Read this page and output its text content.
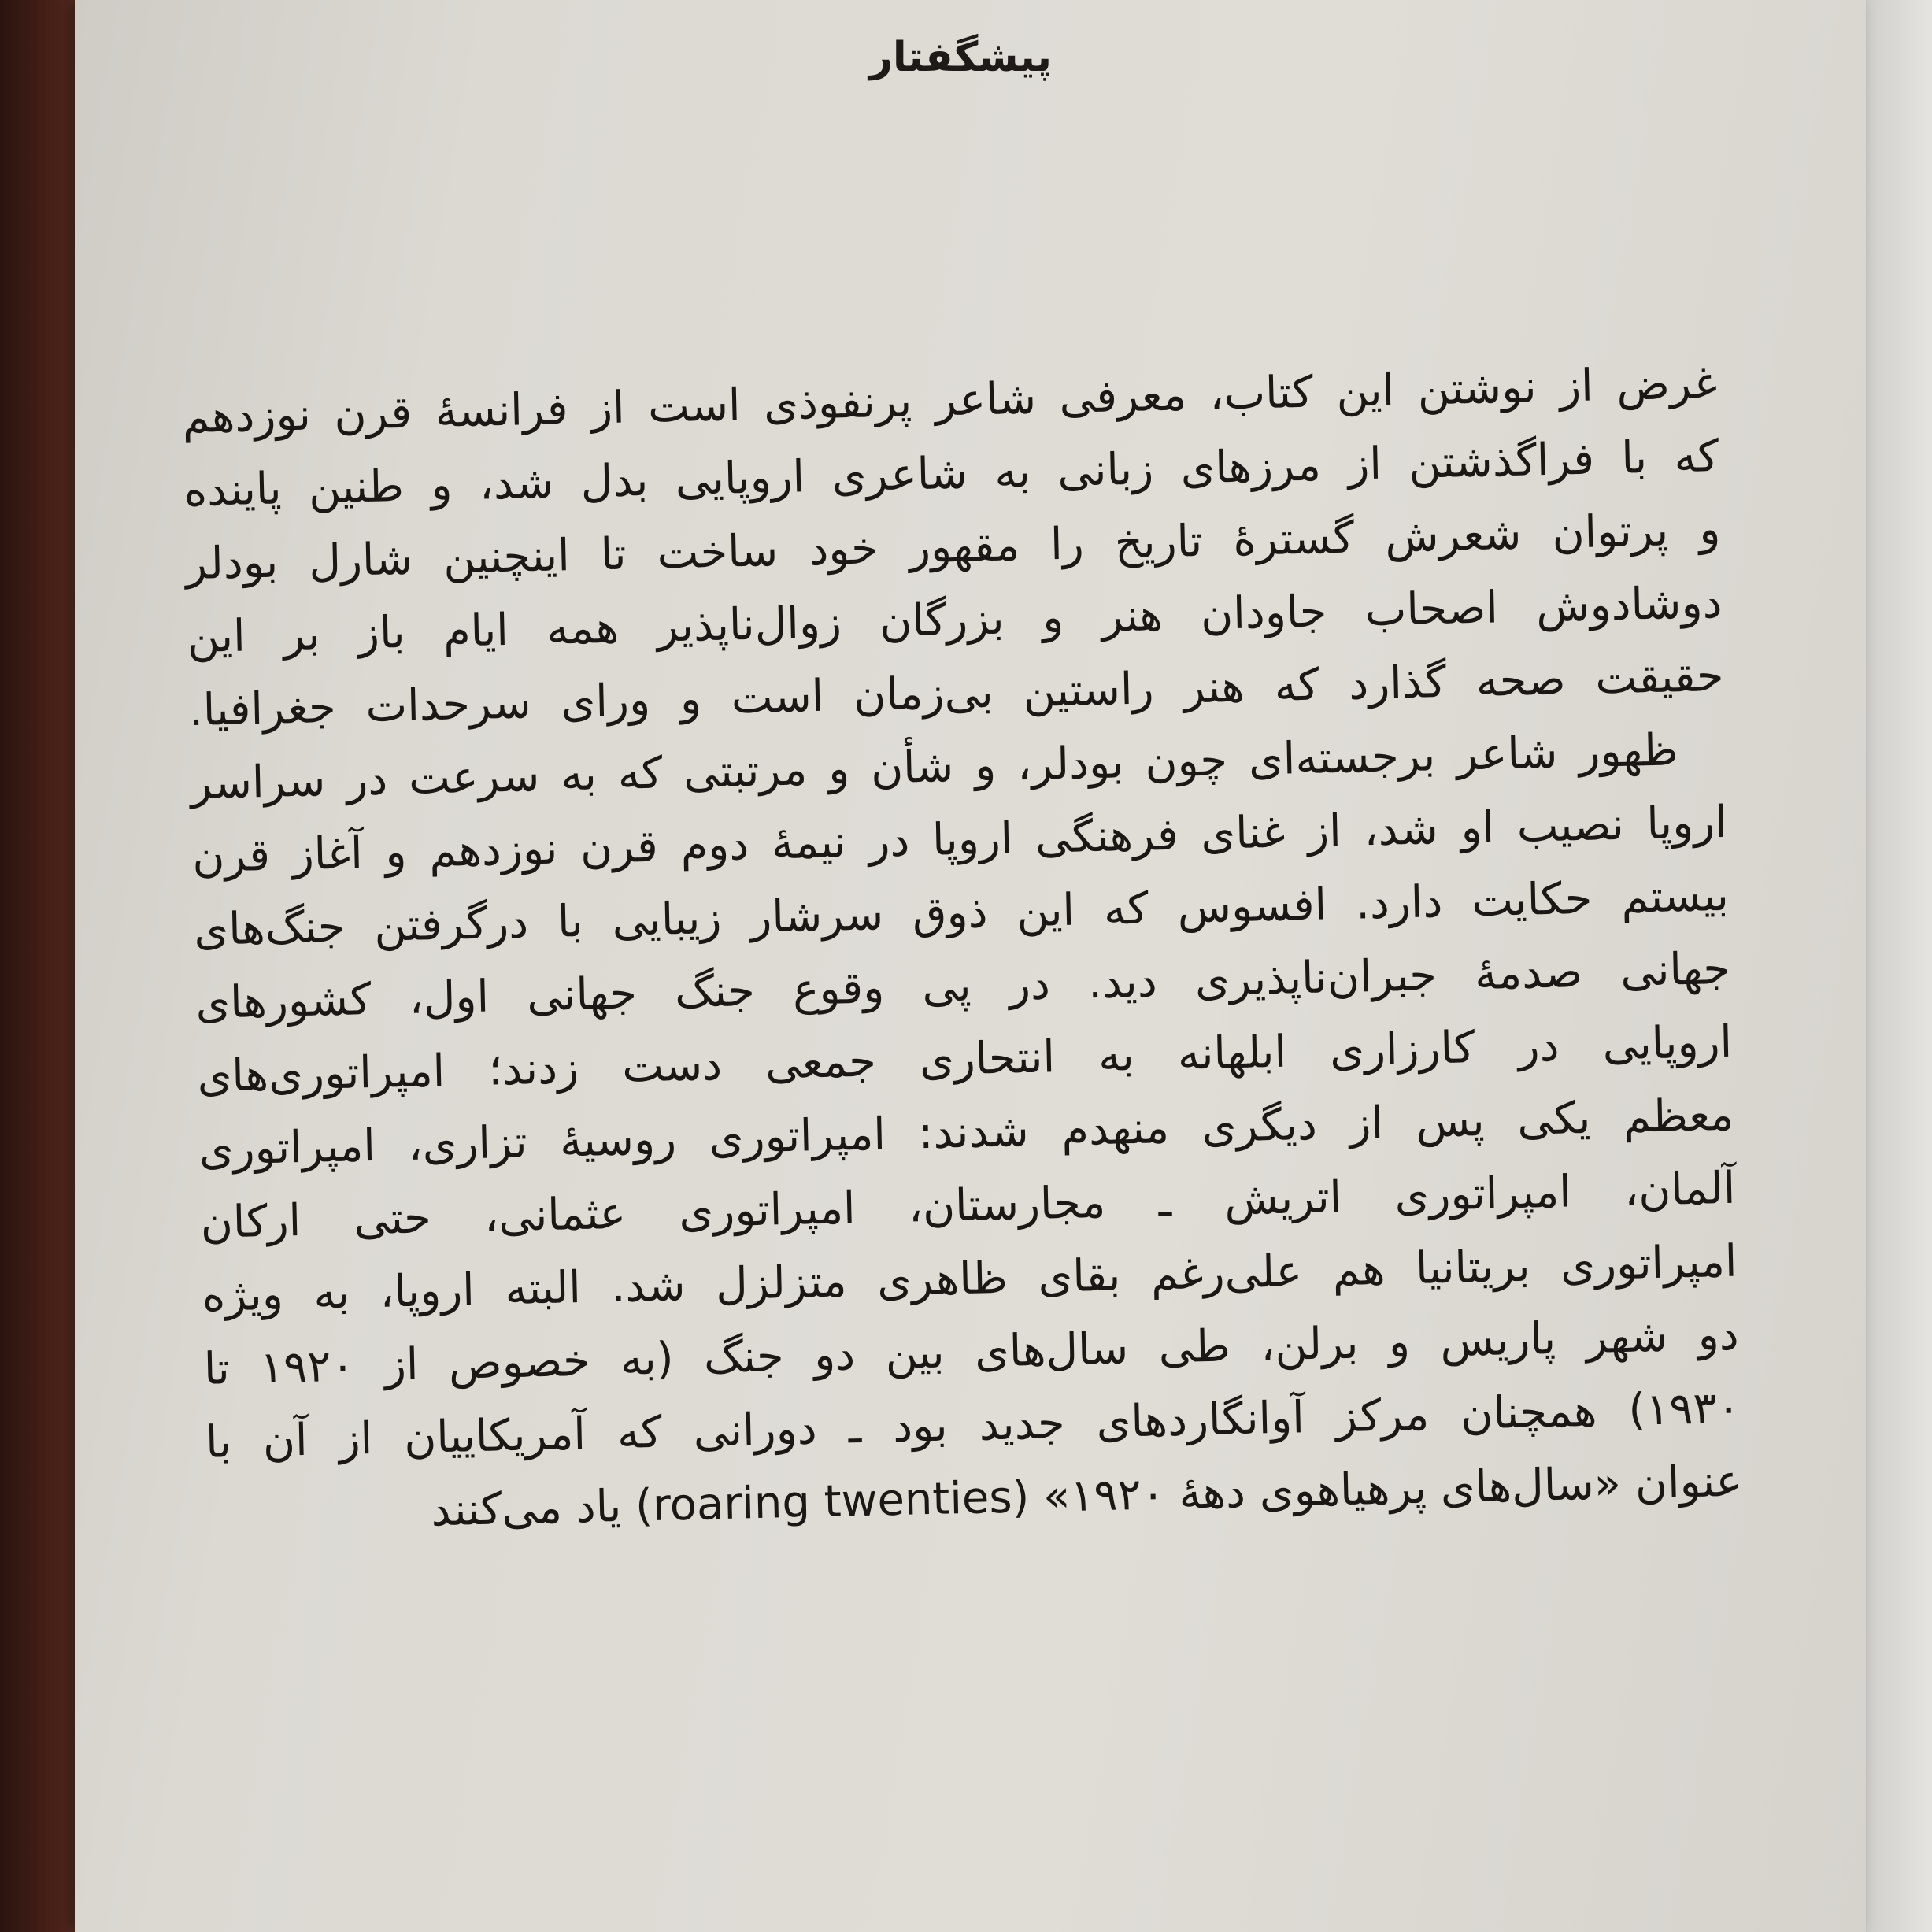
پیشگفتار
غرض از نوشتن این کتاب، معرفی شاعر پرنفوذی است از فرانسهٔ قرن نوزدهم
که با فراگذشتن از مرزهای زبانی به شاعری اروپایی بدل شد، و طنین پاینده
و پرتوان شعرش گسترهٔ تاریخ را مقهور خود ساخت تا اینچنین شارل بودلر
دوشادوش اصحاب جاودان هنر و بزرگان زوال‌ناپذیر همه ایام باز بر این
حقیقت صحه گذارد که هنر راستین بی‌زمان است و ورای سرحدات جغرافیا.
ظهور شاعر برجسته‌ای چون بودلر، و شأن و مرتبتی که به سرعت در سراسر
اروپا نصیب او شد، از غنای فرهنگی اروپا در نیمهٔ دوم قرن نوزدهم و آغاز قرن
بیستم حکایت دارد. افسوس که این ذوق سرشار زیبایی با درگرفتن جنگ‌های
جهانی صدمهٔ جبران‌ناپذیری دید. در پی وقوع جنگ جهانی اول، کشورهای
اروپایی در کارزاری ابلهانه به انتحاری جمعی دست زدند؛ امپراتوری‌های
معظم یکی پس از دیگری منهدم شدند: امپراتوری روسیهٔ تزاری، امپراتوری
آلمان، امپراتوری اتریش ـ مجارستان، امپراتوری عثمانی، حتی ارکان
امپراتوری بریتانیا هم علی‌رغم بقای ظاهری متزلزل شد. البته اروپا، به ویژه
دو شهر پاریس و برلن، طی سال‌های بین دو جنگ (به خصوص از ۱۹۲۰ تا
۱۹۳۰) همچنان مرکز آوانگاردهای جدید بود ـ دورانی که آمریکاییان از آن با
عنوان «سال‌های پرهیاهوی دههٔ ۱۹۲۰» (roaring twenties) یاد می‌کنند
